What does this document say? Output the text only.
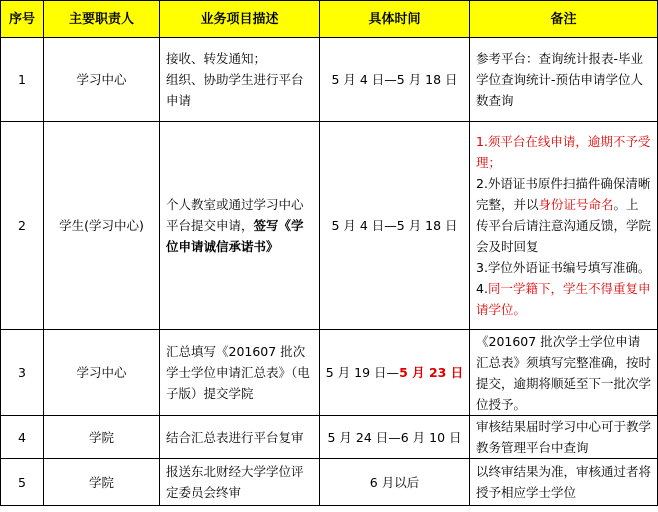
序号	主要职责人	业务项目描述	具体时间	备注
1	学习中心	接收、转发通知；
组织、协助学生进行平台申请	5 月 4 日—5 月 18 日	参考平台：查询统计报表-毕业学位查询统计-预估申请学位人数查询
2	学生(学习中心)	个人教室或通过学习中心平台提交申请，签写《学位申请诚信承诺书》	5 月 4 日—5 月 18 日	1.须平台在线申请，逾期不予受理；
2.外语证书原件扫描件确保清晰完整，并以身份证号命名。上传平台后请注意沟通反馈，学院会及时回复
3.学位外语证书编号填写准确。
4.同一学籍下，学生不得重复申请学位。

3	学习中心	汇总填写《201607 批次学士学位申请汇总表》（电子版）提交学院	5 月 19 日—5 月 23 日	《201607 批次学士学位申请汇总表》须填写完整准确，按时提交，逾期将顺延至下一批次学位授予。
4	学院	结合汇总表进行平台复审	5 月 24 日—6 月 10 日	审核结果届时学习中心可于教学教务管理平台中查询
5	学院	报送东北财经大学学位评定委员会终审	6 月以后	以终审结果为准，审核通过者将授予相应学士学位
